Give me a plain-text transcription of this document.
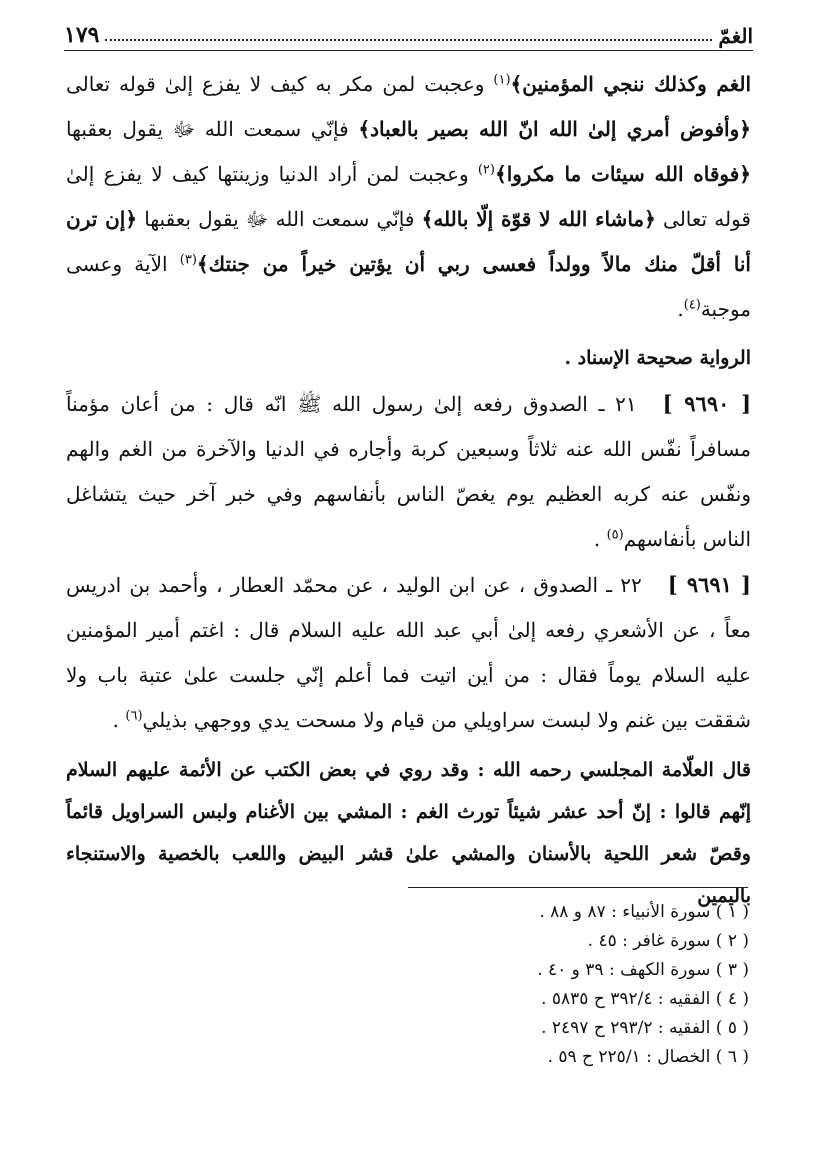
الغمّ
١٧٩

الغم وكذلك ننجي المؤمنين﴾$^{(١)}$ وعجبت لمن مكر به كيف لا يفزع إلىٰ قوله تعالى ﴿وأفوض أمري إلىٰ الله انّ الله بصير بالعباد﴾ فإنّي سمعت الله ﷻ يقول بعقبها ﴿فوقاه الله سيئات ما مكروا﴾$^{(٢)}$ وعجبت لمن أراد الدنيا وزينتها كيف لا يفزع إلىٰ قوله تعالى ﴿ماشاء الله لا قوّة إلّا بالله﴾ فإنّي سمعت الله ﷻ يقول بعقبها ﴿إن ترن أنا أقلّ منك مالاً وولداً فعسى ربي أن يؤتين خيراً من جنتك﴾$^{(٣)}$ الآية وعسى موجبة$^{(٤)}$.

الرواية صحيحة الإسناد .

[ ٩٦٩٠ ]٢١ ـ الصدوق رفعه إلىٰ رسول الله ﷺ انّه قال : من أعان مؤمناً مسافراً نفّس الله عنه ثلاثاً وسبعين كربة وأجاره في الدنيا والآخرة من الغم والهم ونفّس عنه كربه العظيم يوم يغصّ الناس بأنفاسهم وفي خبر آخر حيث يتشاغل الناس بأنفاسهم$^{(٥)}$ .

[ ٩٦٩١ ]٢٢ ـ الصدوق ، عن ابن الوليد ، عن محمّد العطار ، وأحمد بن ادريس معاً ، عن الأشعري رفعه إلىٰ أبي عبد الله عليه السلام قال : اغتم أمير المؤمنين عليه السلام يوماً فقال : من أين اتيت فما أعلم إنّي جلست علىٰ عتبة باب ولا شققت بين غنم ولا لبست سراويلي من قيام ولا مسحت يدي ووجهي بذيلي$^{(٦)}$ .

قال العلّامة المجلسي رحمه الله : وقد روي في بعض الكتب عن الأئمة عليهم السلام إنّهم قالوا : إنّ أحد عشر شيئاً تورث الغم : المشي بين الأغنام ولبس السراويل قائماً وقصّ شعر اللحية بالأسنان والمشي علىٰ قشر البيض واللعب بالخصية والاستنجاء باليمين

( ١ ) سورة الأنبياء : ٨٧ و ٨٨ .

( ٢ ) سورة غافر : ٤٥ .

( ٣ ) سورة الكهف : ٣٩ و ٤٠ .

( ٤ ) الفقيه : ٣٩٢/٤ ح ٥٨٣٥ .

( ٥ ) الفقيه : ٢٩٣/٢ ح ٢٤٩٧ .

( ٦ ) الخصال : ٢٢٥/١ ح ٥٩ .
